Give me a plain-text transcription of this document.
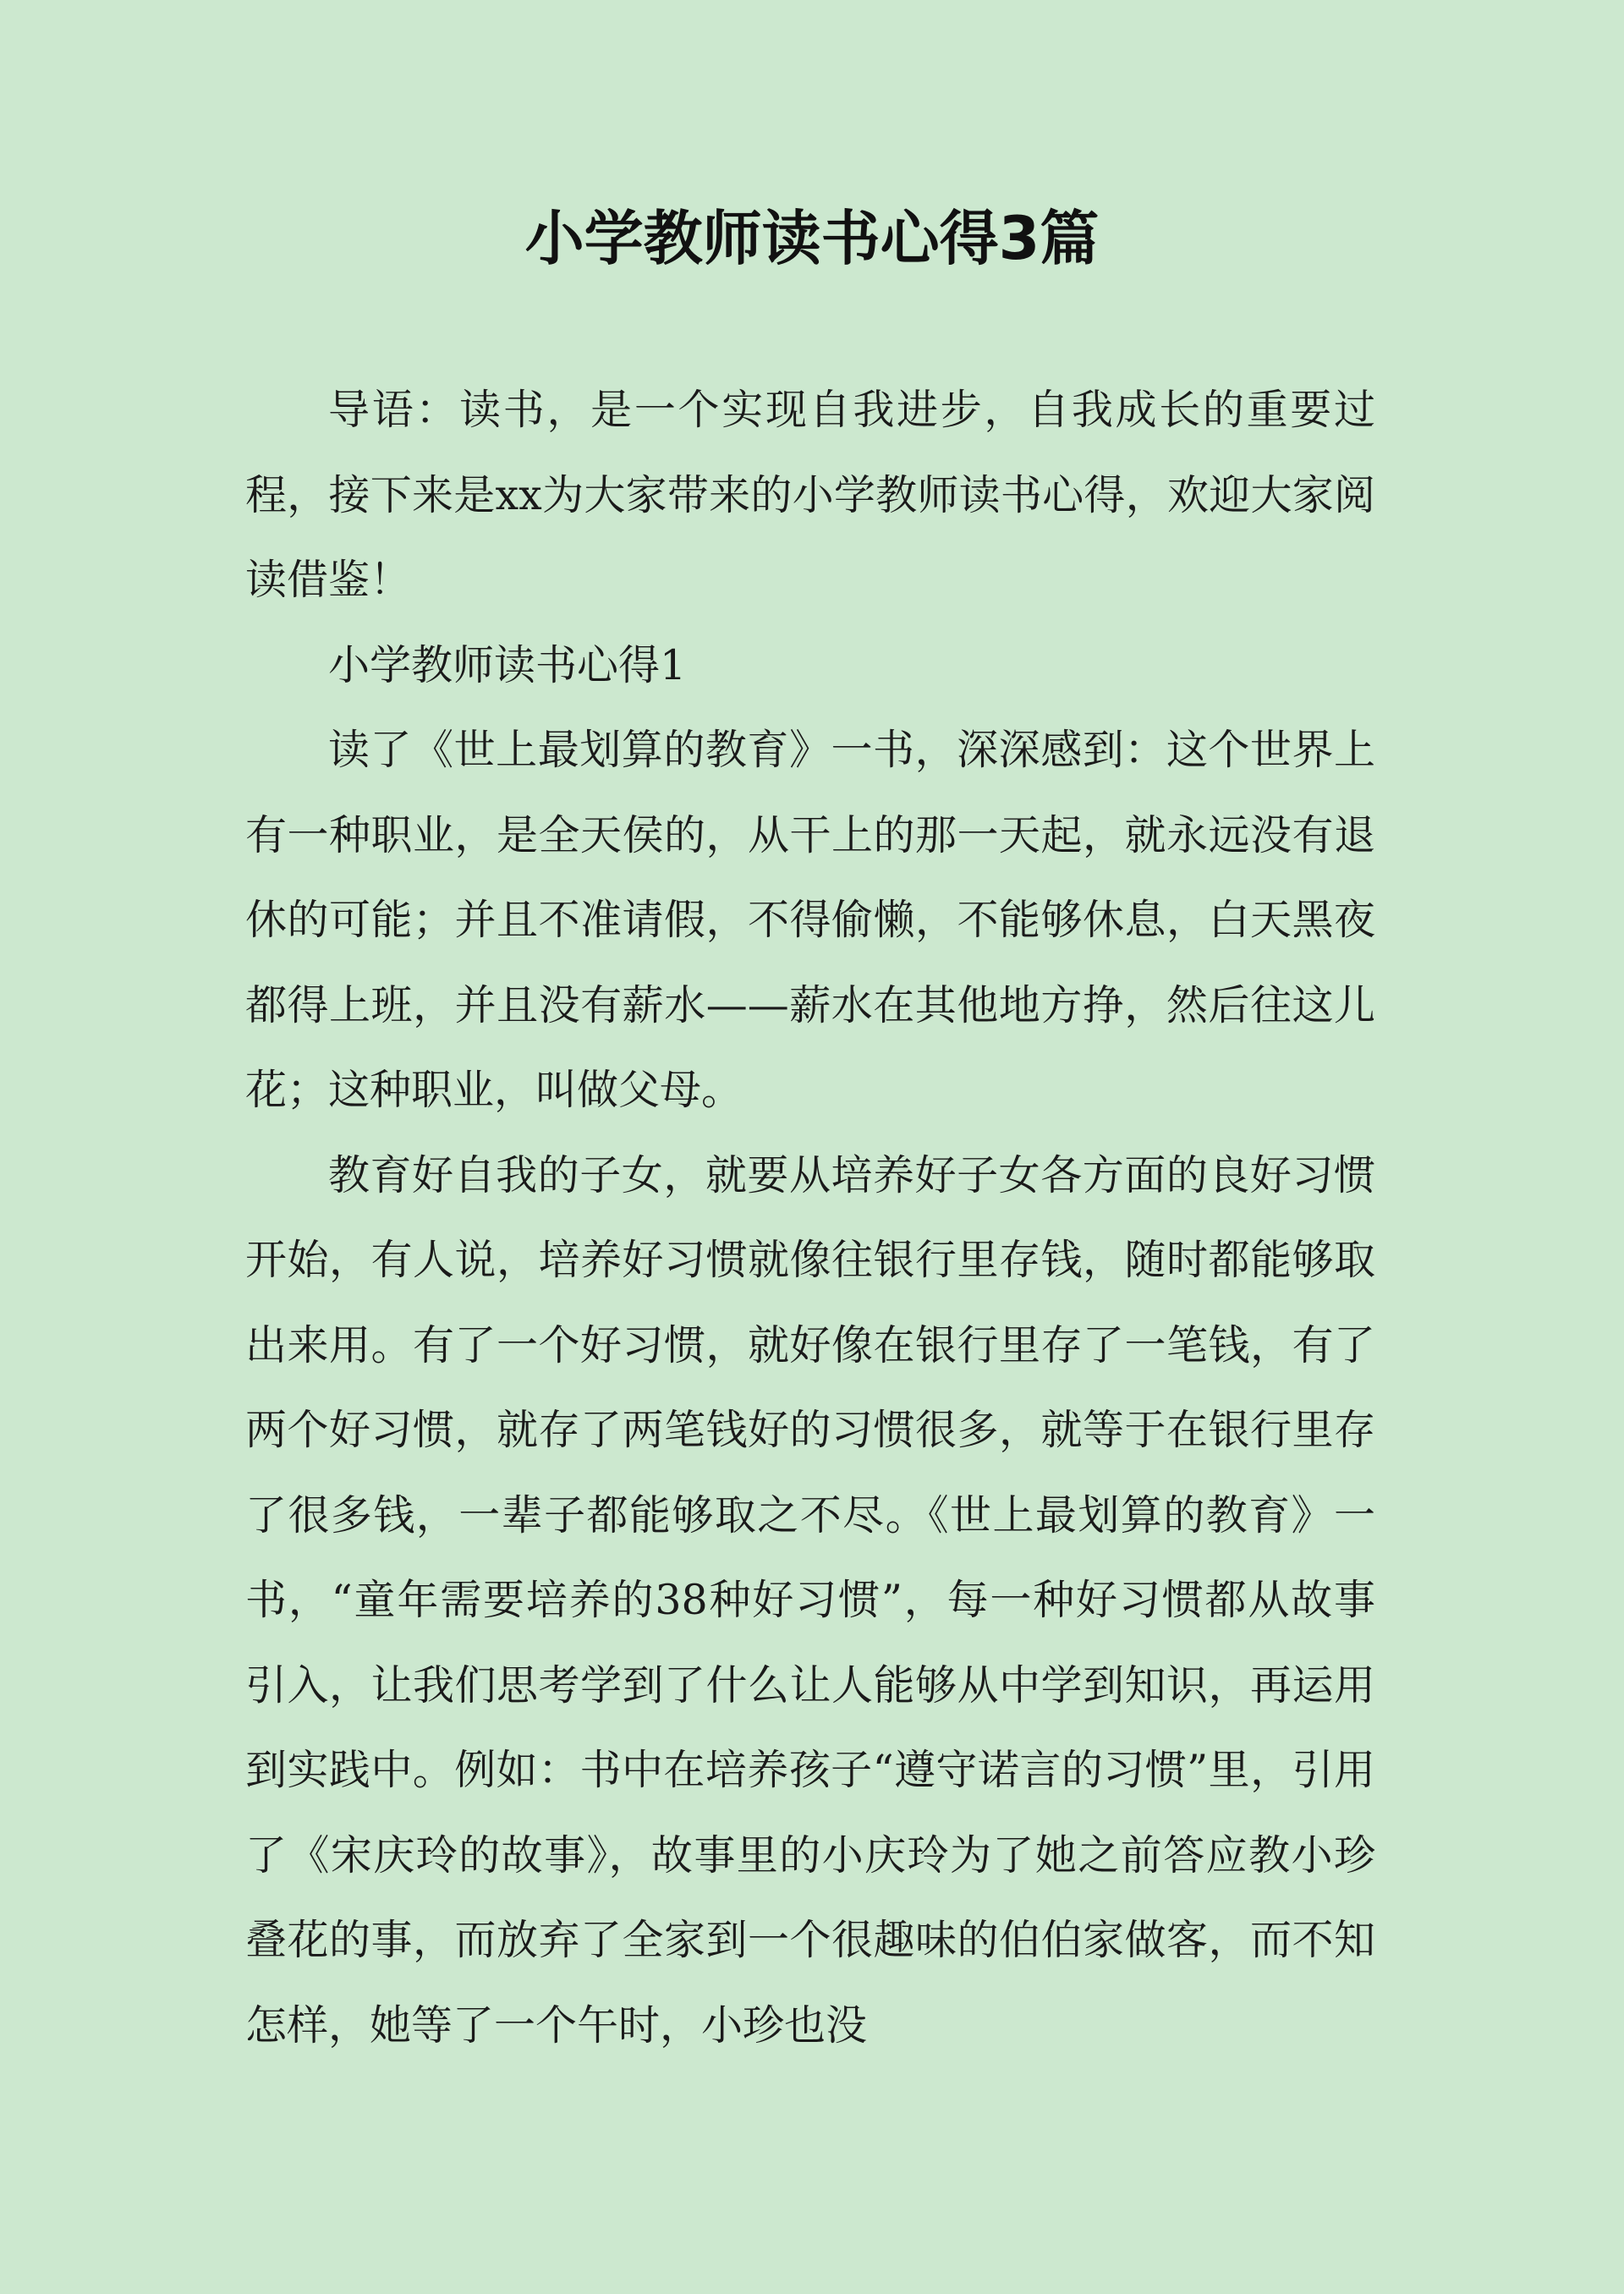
小学教师读书心得3篇

导语：读书，是一个实现自我进步，自我成长的重要过程，接下来是xx为大家带来的小学教师读书心得，欢迎大家阅读借鉴！

小学教师读书心得1

读了《世上最划算的教育》一书，深深感到：这个世界上有一种职业，是全天侯的，从干上的那一天起，就永远没有退休的可能；并且不准请假，不得偷懒，不能够休息，白天黑夜都得上班，并且没有薪水——薪水在其他地方挣，然后往这儿花；这种职业，叫做父母。

教育好自我的子女，就要从培养好子女各方面的良好习惯开始，有人说，培养好习惯就像往银行里存钱，随时都能够取出来用。有了一个好习惯，就好像在银行里存了一笔钱，有了两个好习惯，就存了两笔钱好的习惯很多，就等于在银行里存了很多钱，一辈子都能够取之不尽。《世上最划算的教育》一书，“童年需要培养的38种好习惯”，每一种好习惯都从故事引入，让我们思考学到了什么让人能够从中学到知识，再运用到实践中。例如：书中在培养孩子“遵守诺言的习惯”里，引用了《宋庆玲的故事》，故事里的小庆玲为了她之前答应教小珍叠花的事，而放弃了全家到一个很趣味的伯伯家做客，而不知怎样，她等了一个午时，小珍也没
